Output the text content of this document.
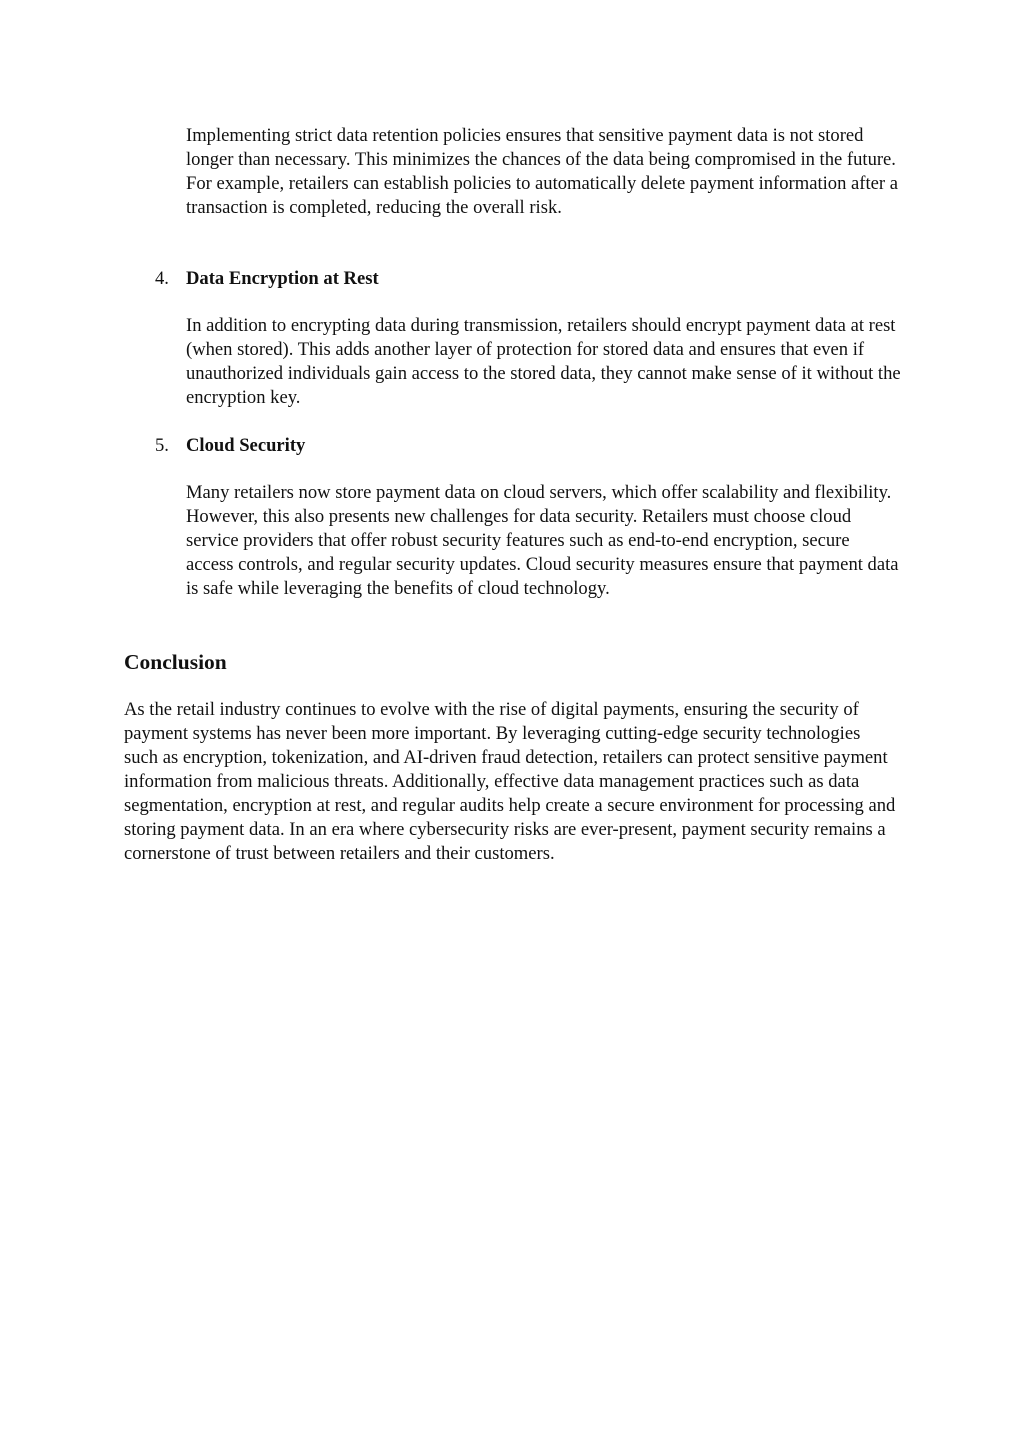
Implementing strict data retention policies ensures that sensitive payment data is not stored longer than necessary. This minimizes the chances of the data being compromised in the future. For example, retailers can establish policies to automatically delete payment information after a transaction is completed, reducing the overall risk.

4. Data Encryption at Rest

In addition to encrypting data during transmission, retailers should encrypt payment data at rest (when stored). This adds another layer of protection for stored data and ensures that even if unauthorized individuals gain access to the stored data, they cannot make sense of it without the encryption key.

5. Cloud Security

Many retailers now store payment data on cloud servers, which offer scalability and flexibility. However, this also presents new challenges for data security. Retailers must choose cloud service providers that offer robust security features such as end-to-end encryption, secure access controls, and regular security updates. Cloud security measures ensure that payment data is safe while leveraging the benefits of cloud technology.

Conclusion

As the retail industry continues to evolve with the rise of digital payments, ensuring the security of payment systems has never been more important. By leveraging cutting-edge security technologies such as encryption, tokenization, and AI-driven fraud detection, retailers can protect sensitive payment information from malicious threats. Additionally, effective data management practices such as data segmentation, encryption at rest, and regular audits help create a secure environment for processing and storing payment data. In an era where cybersecurity risks are ever-present, payment security remains a cornerstone of trust between retailers and their customers.
